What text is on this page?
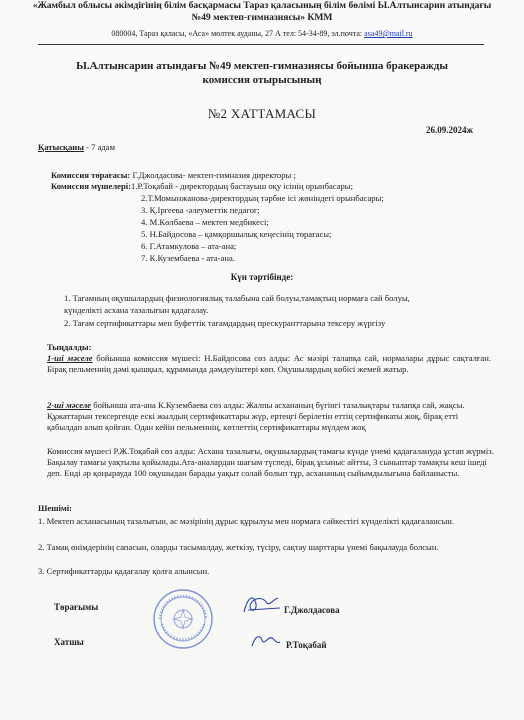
«Жамбыл облысы әкімдігінің білім басқармасы Тараз қаласының білім бөлімі Ы.Алтынсарин атындағы
№49 мектеп-гимназиясы» КММ
080004, Тараз қаласы, «Аса» мөлтек ауданы, 27 А тел: 54-34-89, эл.почта: asa49@mail.ru
Ы.Алтынсарин атындағы №49 мектеп-гимназиясы бойынша бракеражды
комиссия отырысының
№2 ХАТТАМАСЫ
26.09.2024ж
Қатысқаны - 7 адам
Комиссия төрағасы: Г.Джолдасова- мектеп-гимназия директоры ;
Комиссия мүшелері:1.Р.Тоқабай - директордың бастауыш оқу ісінің орынбасары;
2.Т.Момынжанова-директордың тәрбие ісі жөніндегі орынбасары;
3. Қ.Іргеева -әлеуметтік педагог;
4. М.Көлбаева – мектеп медбикесі;
5. Н.Байдосова – қамқоршылық кеңесінің төрағасы;
6. Г.Атамкулова – ата-ана;
7. К.Кузембаева - ата-ана.
Күн тәртібінде:
1. Тағамның оқушылардың физиологиялық талабына сай болуы,тамақтың нормаға сай болуы,
күнделікті асхана тазалығын қадағалау.
2. Тағам сертификаттары мен буфеттік тағамдардың прескуранттарына тексеру жүргізу
Тыңдалды:
1-ші мәселе бойынша комиссия мүшесі: Н.Байдосова сөз алды: Ас мәзірі талапқа сай, нормалары дұрыс сақталған. Бірақ пельменнің дәмі қышқыл, құрамында дәмдеуіштері көп. Оқушылардың көбісі жемей жатыр.
2-ші мәселе бойынша ата-ана К.Кузембаева сөз алды: Жалпы асхананың бүгінгі тазалықтары талапқа сай, жақсы. Құжаттарын тексергенде ескі жылдың сертификаттары жүр, ертеңгі берілетін еттің сертификаты жоқ, бірақ етті қабылдап алып қойған. Одан кейін пельменнің, көтлеттің сертификаттары мүлдем жоқ
Комиссия мүшесі Р.Ж.Тоқабай сөз алды: Асхана тазалығы, оқушылардың тамағы күнде үнемі қадағалануда ұстап жүрміз. Бақылау тамағы уақтылы қойылады.Ата-аналардан шағым түспеді, бірақ ұсыныс айтты, 3 сыныптар тамақты кеш ішеді деп. Енді әр қоңырауда 100 оқушыдан барады уақыт солай болып тұр, асхананың сыйымдылығына байланысты.
Шешімі:
1. Мектеп асханасының тазалығын, ас мәзірінің дұрыс құрылуы мен нормаға сәйкестігі күнделікті қадағалансын.
2. Тамақ өнімдерінің сапасын, оларды тасымалдау, жеткізу, түсіру, сақтау шарттары үнемі бақылауда болсын.
3. Сертификаттарды қадағалау қолға алынсын.
Төрағымы	Г.Джолдасова
Хатшы	Р.Тоқабай
